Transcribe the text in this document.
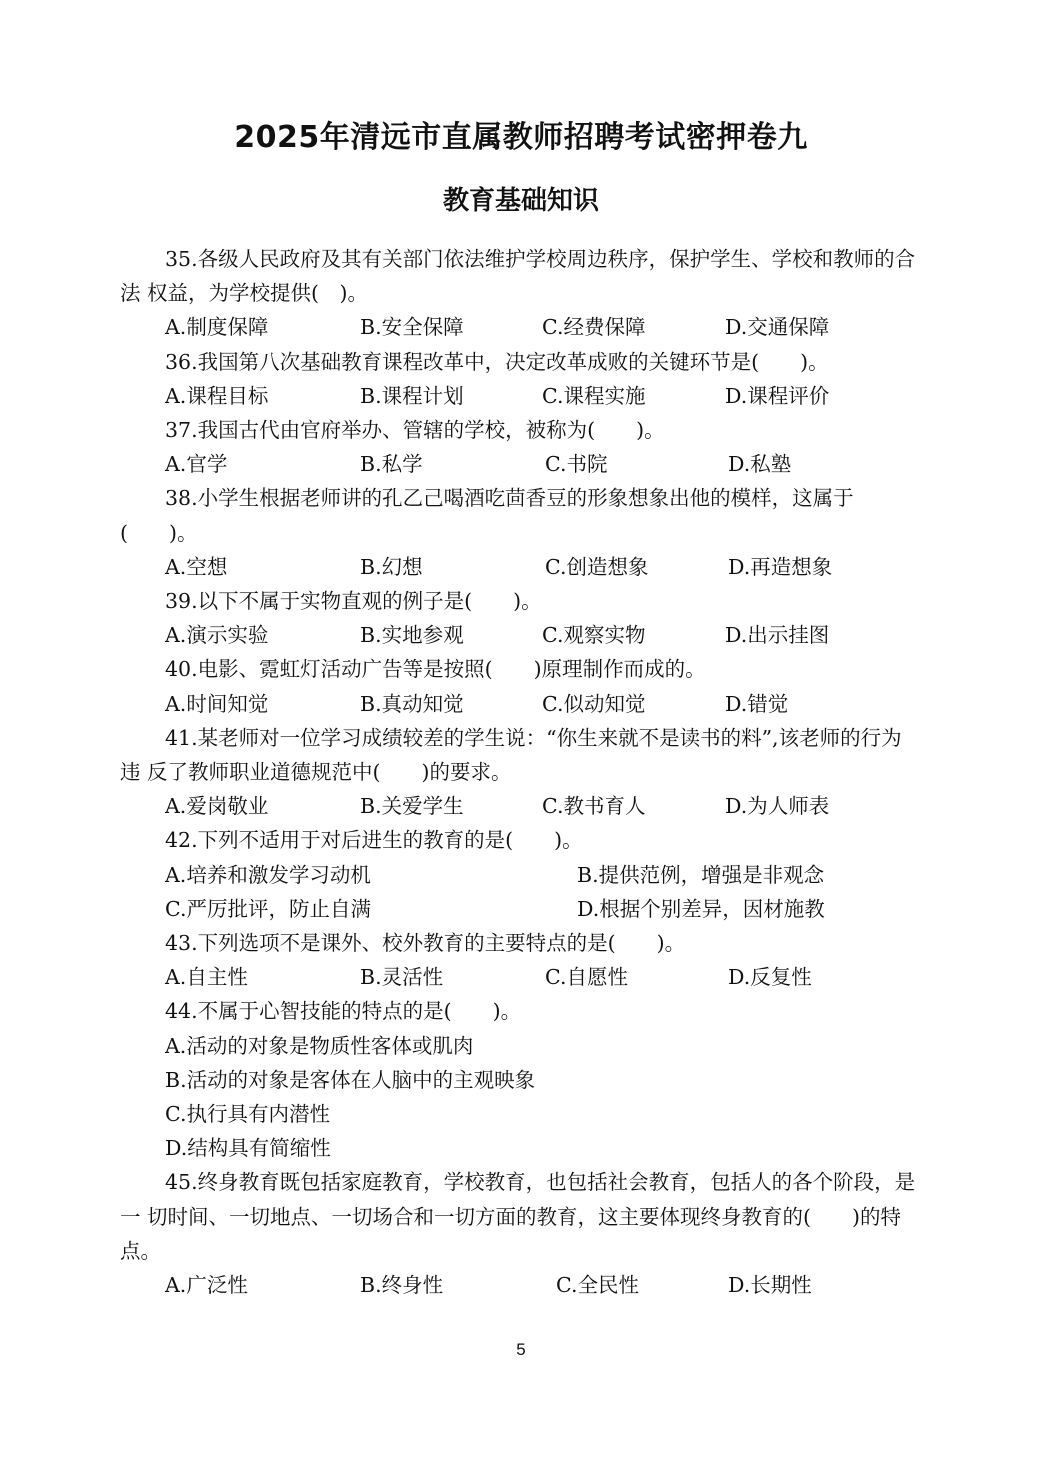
2025年清远市直属教师招聘考试密押卷九
教育基础知识
35.各级人民政府及其有关部门依法维护学校周边秩序，保护学生、学校和教师的合法 权益，为学校提供(　)。
A.制度保障	B.安全保障	C.经费保障	D.交通保障
36.我国第八次基础教育课程改革中，决定改革成败的关键环节是(　　)。
A.课程目标	B.课程计划	C.课程实施	D.课程评价
37.我国古代由官府举办、管辖的学校，被称为(　　)。
A.官学	B.私学	C.书院	D.私塾
38.小学生根据老师讲的孔乙己喝酒吃茴香豆的形象想象出他的模样，这属于(　　)。
A.空想	B.幻想	C.创造想象	D.再造想象
39.以下不属于实物直观的例子是(　　)。
A.演示实验	B.实地参观	C.观察实物	D.出示挂图
40.电影、霓虹灯活动广告等是按照(　　)原理制作而成的。
A.时间知觉	B.真动知觉	C.似动知觉	D.错觉
41.某老师对一位学习成绩较差的学生说：“你生来就不是读书的料”,该老师的行为违 反了教师职业道德规范中(　　)的要求。
A.爱岗敬业	B.关爱学生	C.教书育人	D.为人师表
42.下列不适用于对后进生的教育的是(　　)。
A.培养和激发学习动机	B.提供范例，增强是非观念
C.严厉批评，防止自满	D.根据个别差异，因材施教
43.下列选项不是课外、校外教育的主要特点的是(　　)。
A.自主性	B.灵活性	C.自愿性	D.反复性
44.不属于心智技能的特点的是(　　)。
A.活动的对象是物质性客体或肌肉
B.活动的对象是客体在人脑中的主观映象
C.执行具有内潜性
D.结构具有简缩性
45.终身教育既包括家庭教育，学校教育，也包括社会教育，包括人的各个阶段，是一 切时间、一切地点、一切场合和一切方面的教育，这主要体现终身教育的(　　)的特点。
A.广泛性	B.终身性	C.全民性	D.长期性
5
